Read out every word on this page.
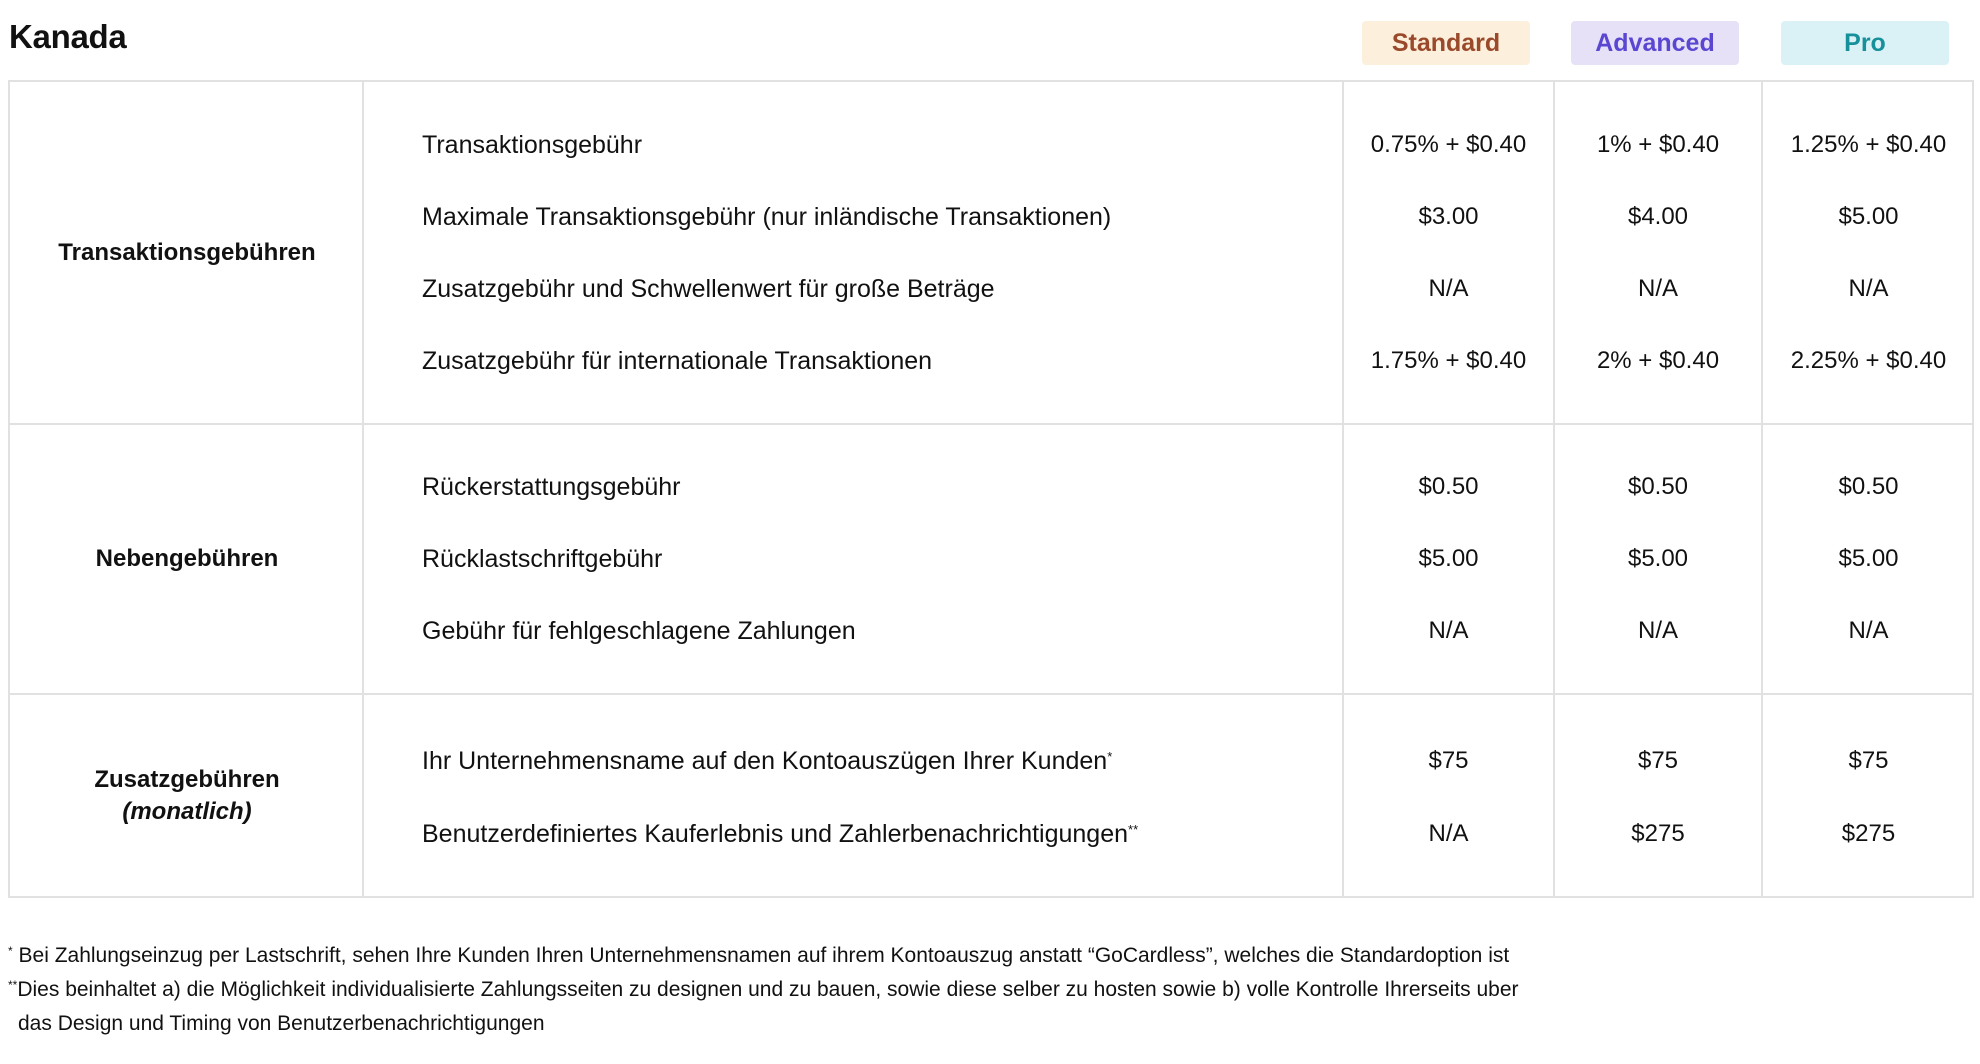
Kanada	Standard	Advanced	Pro
Transaktionsgebühren
Transaktionsgebühr	0.75% + $0.40	1% + $0.40	1.25% + $0.40
Maximale Transaktionsgebühr (nur inländische Transaktionen)	$3.00	$4.00	$5.00
Zusatzgebühr und Schwellenwert für große Beträge	N/A	N/A	N/A
Zusatzgebühr für internationale Transaktionen	1.75% + $0.40	2% + $0.40	2.25% + $0.40
Nebengebühren
Rückerstattungsgebühr	$0.50	$0.50	$0.50
Rücklastschriftgebühr	$5.00	$5.00	$5.00
Gebühr für fehlgeschlagene Zahlungen	N/A	N/A	N/A
Zusatzgebühren
(monatlich)
Ihr Unternehmensname auf den Kontoauszügen Ihrer Kunden*	$75	$75	$75
Benutzerdefiniertes Kauferlebnis und Zahlerbenachrichtigungen**	N/A	$275	$275
* Bei Zahlungseinzug per Lastschrift, sehen Ihre Kunden Ihren Unternehmensnamen auf ihrem Kontoauszug anstatt “GoCardless”, welches die Standardoption ist
**Dies beinhaltet a) die Möglichkeit individualisierte Zahlungsseiten zu designen und zu bauen, sowie diese selber zu hosten sowie b) volle Kontrolle Ihrerseits uber
das Design und Timing von Benutzerbenachrichtigungen
